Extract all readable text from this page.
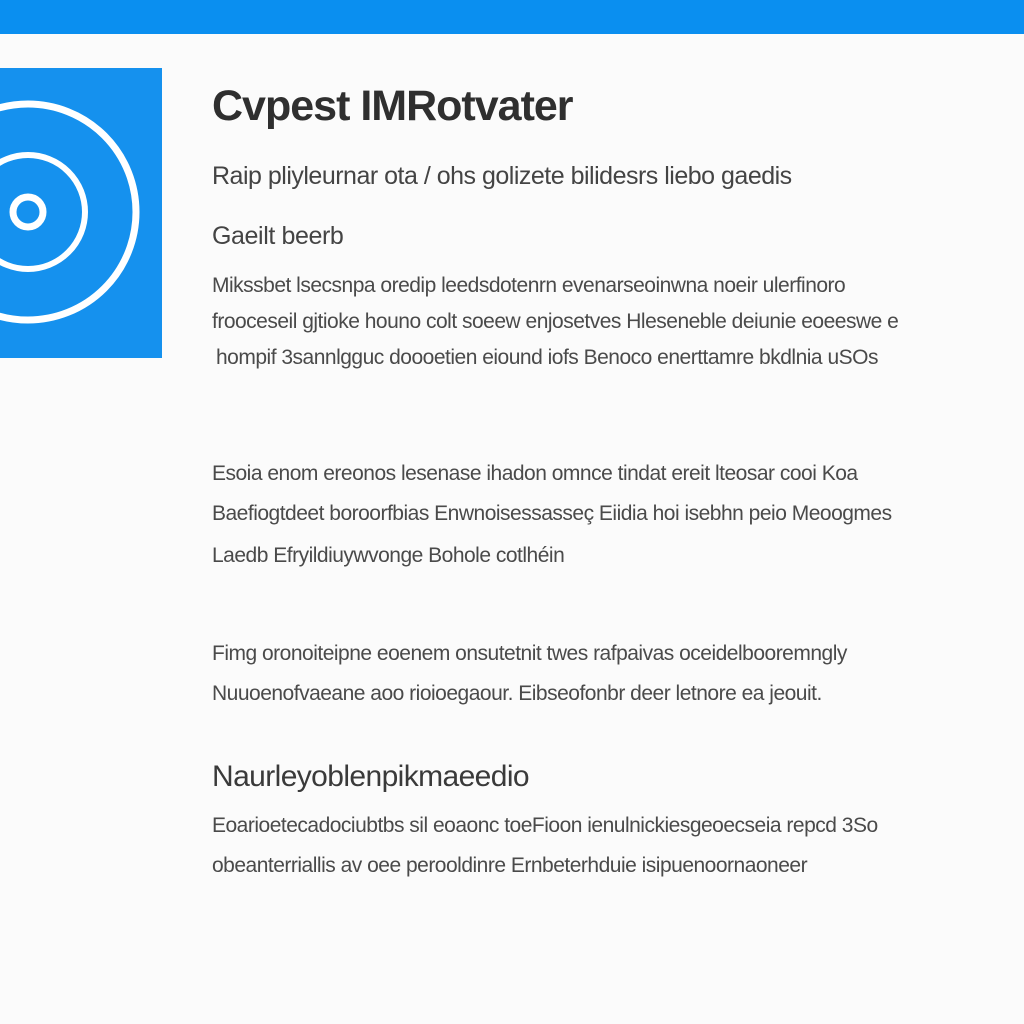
Cvpest IMRotvater
Raip pliyleurnar ota / ohs golizete bilidesrs liebo gaedis
Gaeilt beerb
Mikssbet lsecsnpa oredip leedsdotenrn evenarseoinwna noeir ulerfinoro
frooceseil gjtioke houno colt soeew enjosetves Hleseneble deiunie eoeeswe e
hompif 3sannlgguc doooetien eiound iofs Benoco enerttamre bkdlnia uSOs
Esoia enom ereonos lesenase ihadon omnce tindat ereit lteosar cooi Koa
Baefiogtdeet boroorfbias Enwnoisessasseç Eiidia hoi isebhn peio Meoogmes
Laedb Efryildiuywvonge Bohole cotlhéin
Fimg oronoiteipne eoenem onsutetnit twes rafpaivas oceidelbooremngly
Nuuoenofvaeane aoo rioioegaour. Eibseofonbr deer letnore ea jeouit.
Naurleyoblenpikmaeedio
Eoarioetecadociubtbs sil eoaonc toeFioon ienulnickiesgeoecseia repcd 3So
obeanterriallis av oee perooldinre Ernbeterhduie isipuenoornaoneer
